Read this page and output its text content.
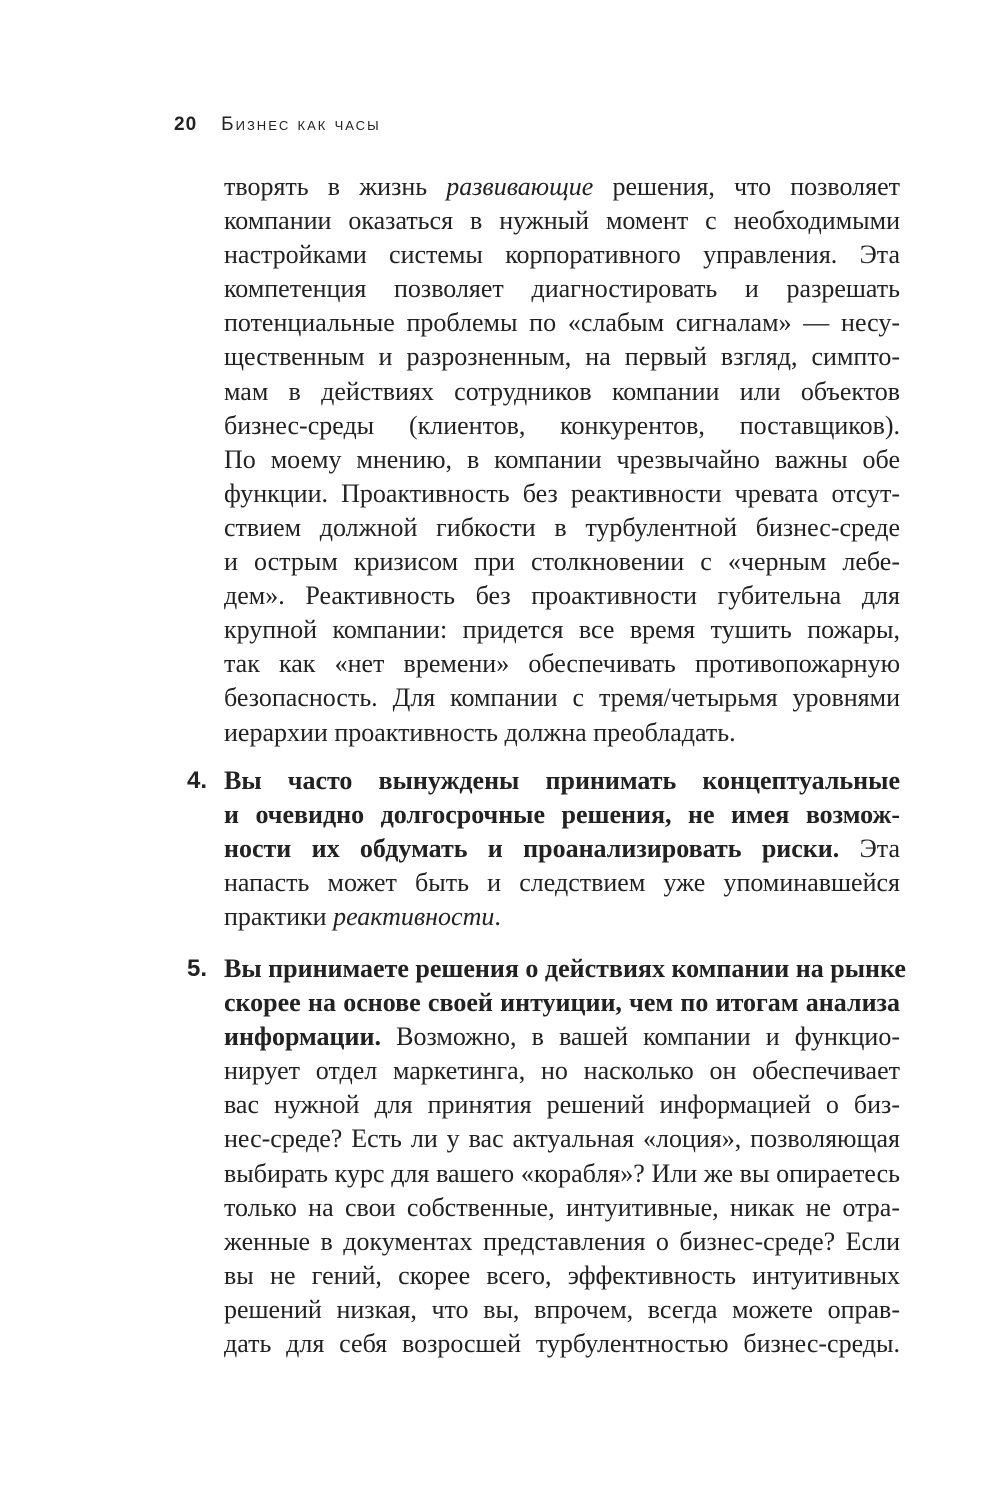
20 Бизнес как часы
творять в жизнь развивающие решения, что позволяет
компании оказаться в нужный момент с необходимыми
настройками системы корпоративного управления. Эта
компетенция позволяет диагностировать и разрешать
потенциальные проблемы по «слабым сигналам» — несу-
щественным и разрозненным, на первый взгляд, симпто-
мам в действиях сотрудников компании или объектов
бизнес-среды (клиентов, конкурентов, поставщиков).
По моему мнению, в компании чрезвычайно важны обе
функции. Проактивность без реактивности чревата отсут-
ствием должной гибкости в турбулентной бизнес-среде
и острым кризисом при столкновении с «черным лебе-
дем». Реактивность без проактивности губительна для
крупной компании: придется все время тушить пожары,
так как «нет времени» обеспечивать противопожарную
безопасность. Для компании с тремя/четырьмя уровнями
иерархии проактивность должна преобладать.
4. Вы часто вынуждены принимать концептуальные
и очевидно долгосрочные решения, не имея возмож-
ности их обдумать и проанализировать риски. Эта
напасть может быть и следствием уже упоминавшейся
практики реактивности.
5. Вы принимаете решения о действиях компании на рынке
скорее на основе своей интуиции, чем по итогам анализа
информации. Возможно, в вашей компании и функцио-
нирует отдел маркетинга, но насколько он обеспечивает
вас нужной для принятия решений информацией о биз-
нес-среде? Есть ли у вас актуальная «лоция», позволяющая
выбирать курс для вашего «корабля»? Или же вы опираетесь
только на свои собственные, интуитивные, никак не отра-
женные в документах представления о бизнес-среде? Если
вы не гений, скорее всего, эффективность интуитивных
решений низкая, что вы, впрочем, всегда можете оправ-
дать для себя возросшей турбулентностью бизнес-среды.
